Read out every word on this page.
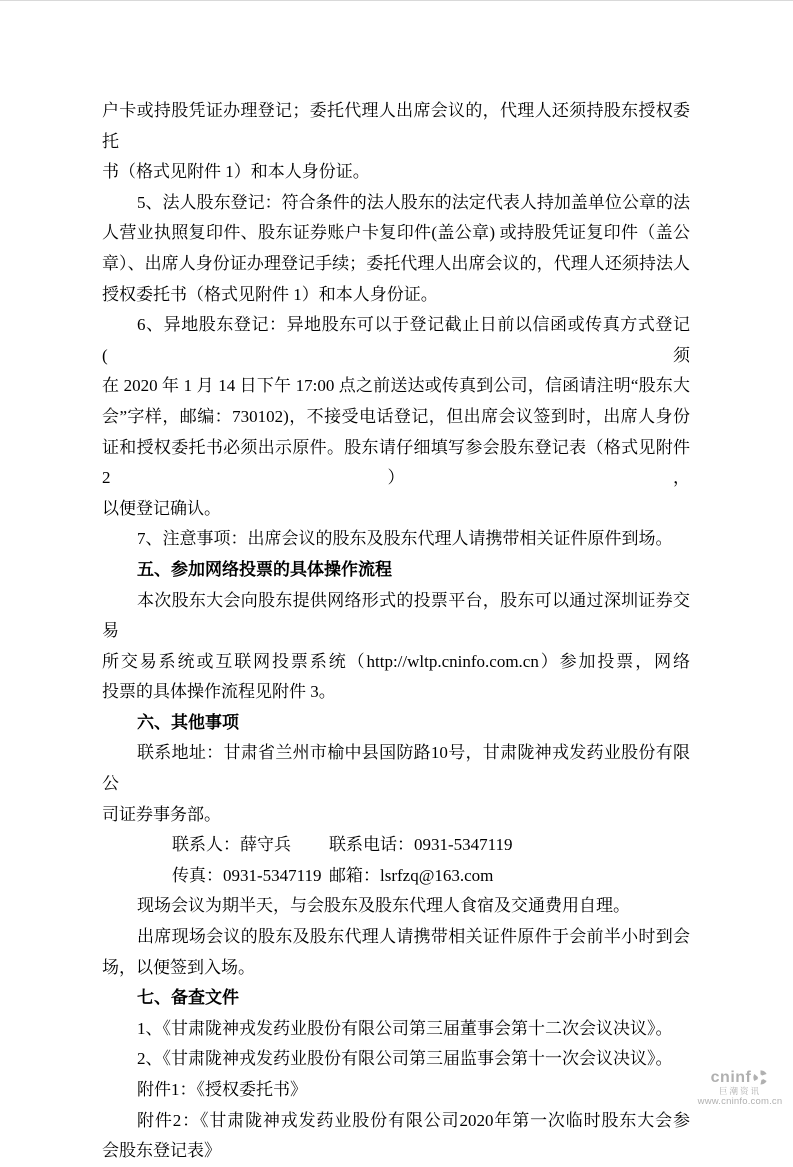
户卡或持股凭证办理登记；委托代理人出席会议的，代理人还须持股东授权委托
书（格式见附件 1）和本人身份证。
5、法人股东登记：符合条件的法人股东的法定代表人持加盖单位公章的法
人营业执照复印件、股东证券账户卡复印件(盖公章) 或持股凭证复印件（盖公
章）、出席人身份证办理登记手续；委托代理人出席会议的，代理人还须持法人
授权委托书（格式见附件 1）和本人身份证。
6、异地股东登记：异地股东可以于登记截止日前以信函或传真方式登记(须
在 2020 年 1 月 14 日下午 17:00 点之前送达或传真到公司，信函请注明“股东大
会”字样，邮编：730102)，不接受电话登记，但出席会议签到时，出席人身份
证和授权委托书必须出示原件。股东请仔细填写参会股东登记表（格式见附件 2），
以便登记确认。
7、注意事项：出席会议的股东及股东代理人请携带相关证件原件到场。
五、参加网络投票的具体操作流程
本次股东大会向股东提供网络形式的投票平台，股东可以通过深圳证券交易
所交易系统或互联网投票系统（http://wltp.cninfo.com.cn）参加投票，网络
投票的具体操作流程见附件 3。
六、其他事项
联系地址：甘肃省兰州市榆中县国防路10号，甘肃陇神戎发药业股份有限公
司证券事务部。
联系人：薛守兵 联系电话：0931-5347119
传真：0931-5347119 邮箱：lsrfzq@163.com
现场会议为期半天，与会股东及股东代理人食宿及交通费用自理。
出席现场会议的股东及股东代理人请携带相关证件原件于会前半小时到会
场，以便签到入场。
七、备查文件
1、《甘肃陇神戎发药业股份有限公司第三届董事会第十二次会议决议》。
2、《甘肃陇神戎发药业股份有限公司第三届监事会第十一次会议决议》。
附件1：《授权委托书》
附件2：《甘肃陇神戎发药业股份有限公司2020年第一次临时股东大会参
会股东登记表》
cninf
巨潮资讯
www.cninfo.com.cn
